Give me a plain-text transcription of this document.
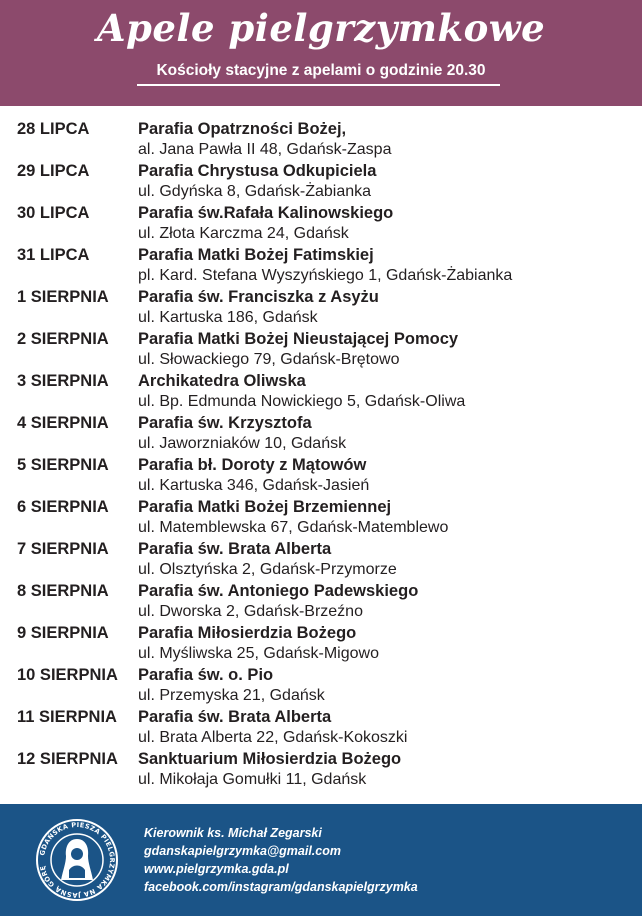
Apele pielgrzymkowe
Kościoły stacyjne z apelami o godzinie 20.30
28 LIPCA	Parafia Opatrzności Bożej,
al. Jana Pawła II 48, Gdańsk-Zaspa
29 LIPCA	Parafia Chrystusa Odkupiciela
ul. Gdyńska 8, Gdańsk-Żabianka
30 LIPCA	Parafia św.Rafała Kalinowskiego
ul. Złota Karczma 24, Gdańsk
31 LIPCA	Parafia Matki Bożej Fatimskiej
pl. Kard. Stefana Wyszyńskiego 1, Gdańsk-Żabianka
1 SIERPNIA Parafia św. Franciszka z Asyżu
ul. Kartuska 186, Gdańsk
2 SIERPNIA Parafia Matki Bożej Nieustającej Pomocy
ul. Słowackiego 79, Gdańsk-Brętowo
3 SIERPNIA Archikatedra Oliwska
ul. Bp. Edmunda Nowickiego 5, Gdańsk-Oliwa
4 SIERPNIA Parafia św. Krzysztofa
ul. Jaworzniaków 10, Gdańsk
5 SIERPNIA Parafia bł. Doroty z Mątowów
ul. Kartuska 346, Gdańsk-Jasień
6 SIERPNIA Parafia Matki Bożej Brzemiennej
ul. Matemblewska 67, Gdańsk-Matemblewo
7 SIERPNIA Parafia św. Brata Alberta
ul. Olsztyńska 2, Gdańsk-Przymorze
8 SIERPNIA Parafia św. Antoniego Padewskiego
ul. Dworska 2, Gdańsk-Brzeźno
9 SIERPNIA Parafia Miłosierdzia Bożego
ul. Myśliwska 25, Gdańsk-Migowo
10 SIERPNIA Parafia św. o. Pio
ul. Przemyska 21, Gdańsk
11 SIERPNIA Parafia św. Brata Alberta
ul. Brata Alberta 22, Gdańsk-Kokoszki
12 SIERPNIA Sanktuarium Miłosierdzia Bożego
ul. Mikołaja Gomułki 11, Gdańsk
GDAŃSKA PIESZA PIELGRZYMKA NA JASNĄ GÓRĘ
Kierownik ks. Michał Zegarski
gdanskapielgrzymka@gmail.com
www.pielgrzymka.gda.pl
facebook.com/instagram/gdanskapielgrzymka
